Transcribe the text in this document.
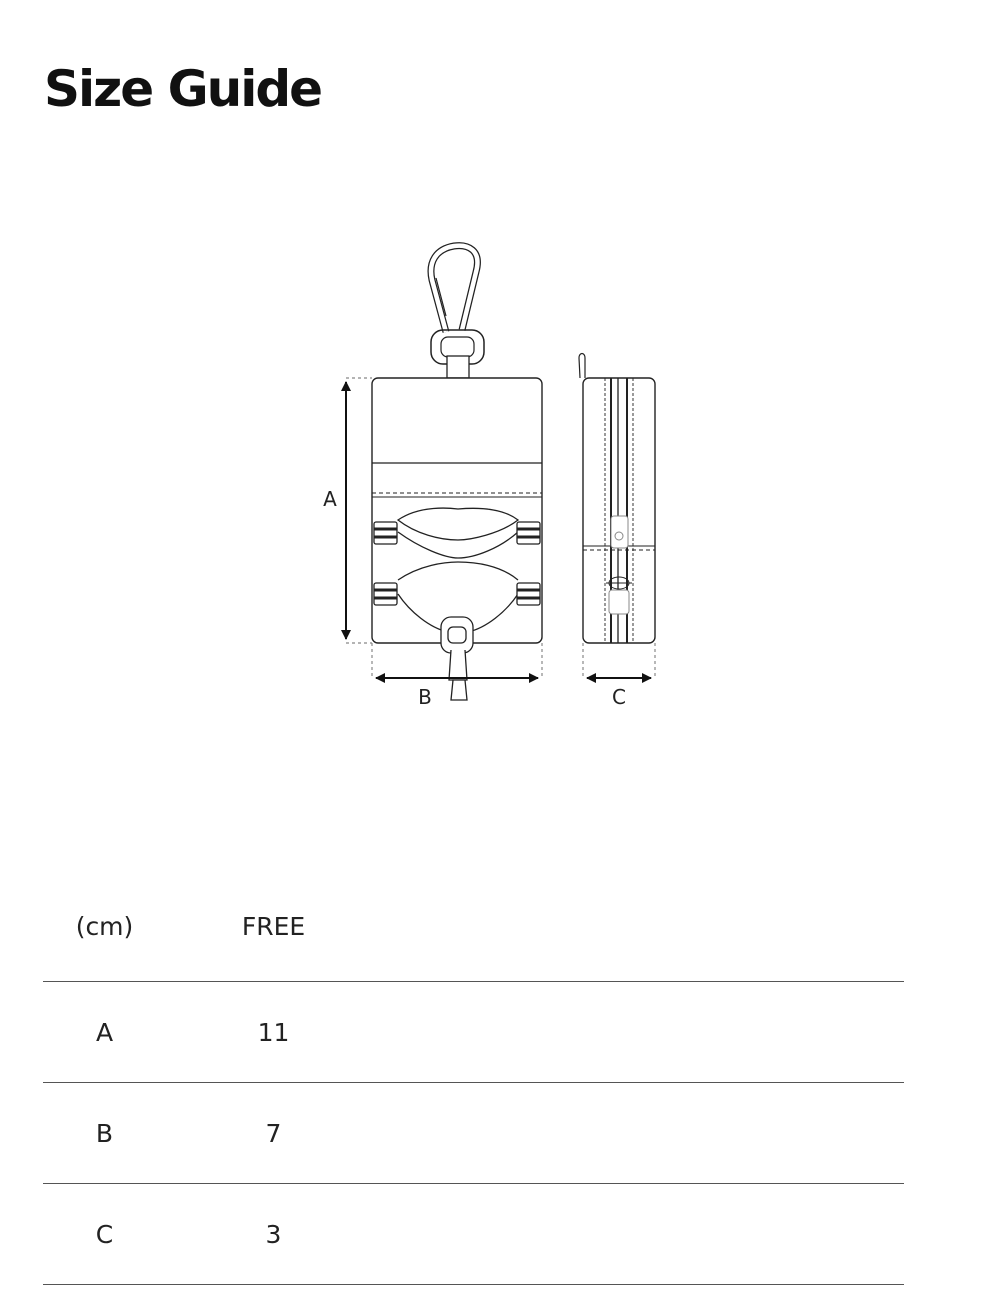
Size Guide
A
B	C
(cm)	FREE
A	11
B	7
C	3
